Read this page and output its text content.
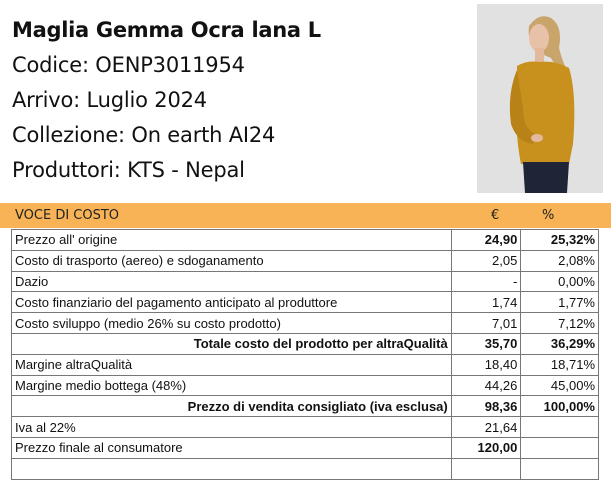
Maglia Gemma Ocra lana L
Codice: OENP3011954
Arrivo: Luglio 2024
Collezione: On earth AI24
Produttori: KTS - Nepal
VOCE DI COSTO	€	%
Prezzo all' origine	24,90	25,32%
Costo di trasporto (aereo) e sdoganamento	2,05	2,08%
Dazio	-	0,00%
Costo finanziario del pagamento anticipato al produttore	1,74	1,77%
Costo sviluppo (medio 26% su costo prodotto)	7,01	7,12%
Totale costo del prodotto per altraQualità	35,70	36,29%
Margine altraQualità	18,40	18,71%
Margine medio bottega (48%)	44,26	45,00%
Prezzo di vendita consigliato (iva esclusa)	98,36	100,00%
Iva al 22%	21,64	
Prezzo finale al consumatore	120,00	
